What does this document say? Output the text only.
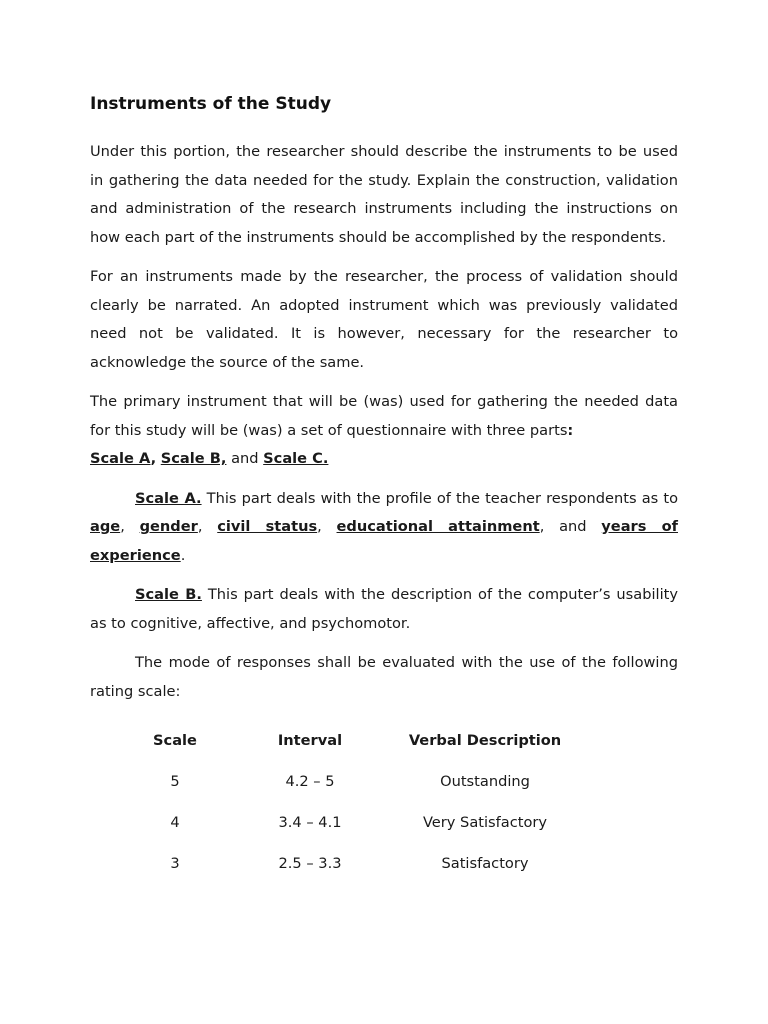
Instruments of the Study

Under this portion, the researcher should describe the instruments to be used in gathering the data needed for the study. Explain the construction, validation and administration of the research instruments including the instructions on how each part of the instruments should be accomplished by the respondents.

For an instruments made by the researcher, the process of validation should clearly be narrated. An adopted instrument which was previously validated need not be validated. It is however, necessary for the researcher to acknowledge the source of the same.

The primary instrument that will be (was) used for gathering the needed data for this study will be (was) a set of questionnaire with three parts:
Scale A, Scale B, and Scale C.

Scale A. This part deals with the profile of the teacher respondents as to age, gender, civil status, educational attainment, and years of experience.

Scale B. This part deals with the description of the computer’s usability as to cognitive, affective, and psychomotor.

The mode of responses shall be evaluated with the use of the following rating scale:

Scale	Interval	Verbal Description
5	4.2 – 5	Outstanding
4	3.4 – 4.1	Very Satisfactory
3	2.5 – 3.3	Satisfactory
